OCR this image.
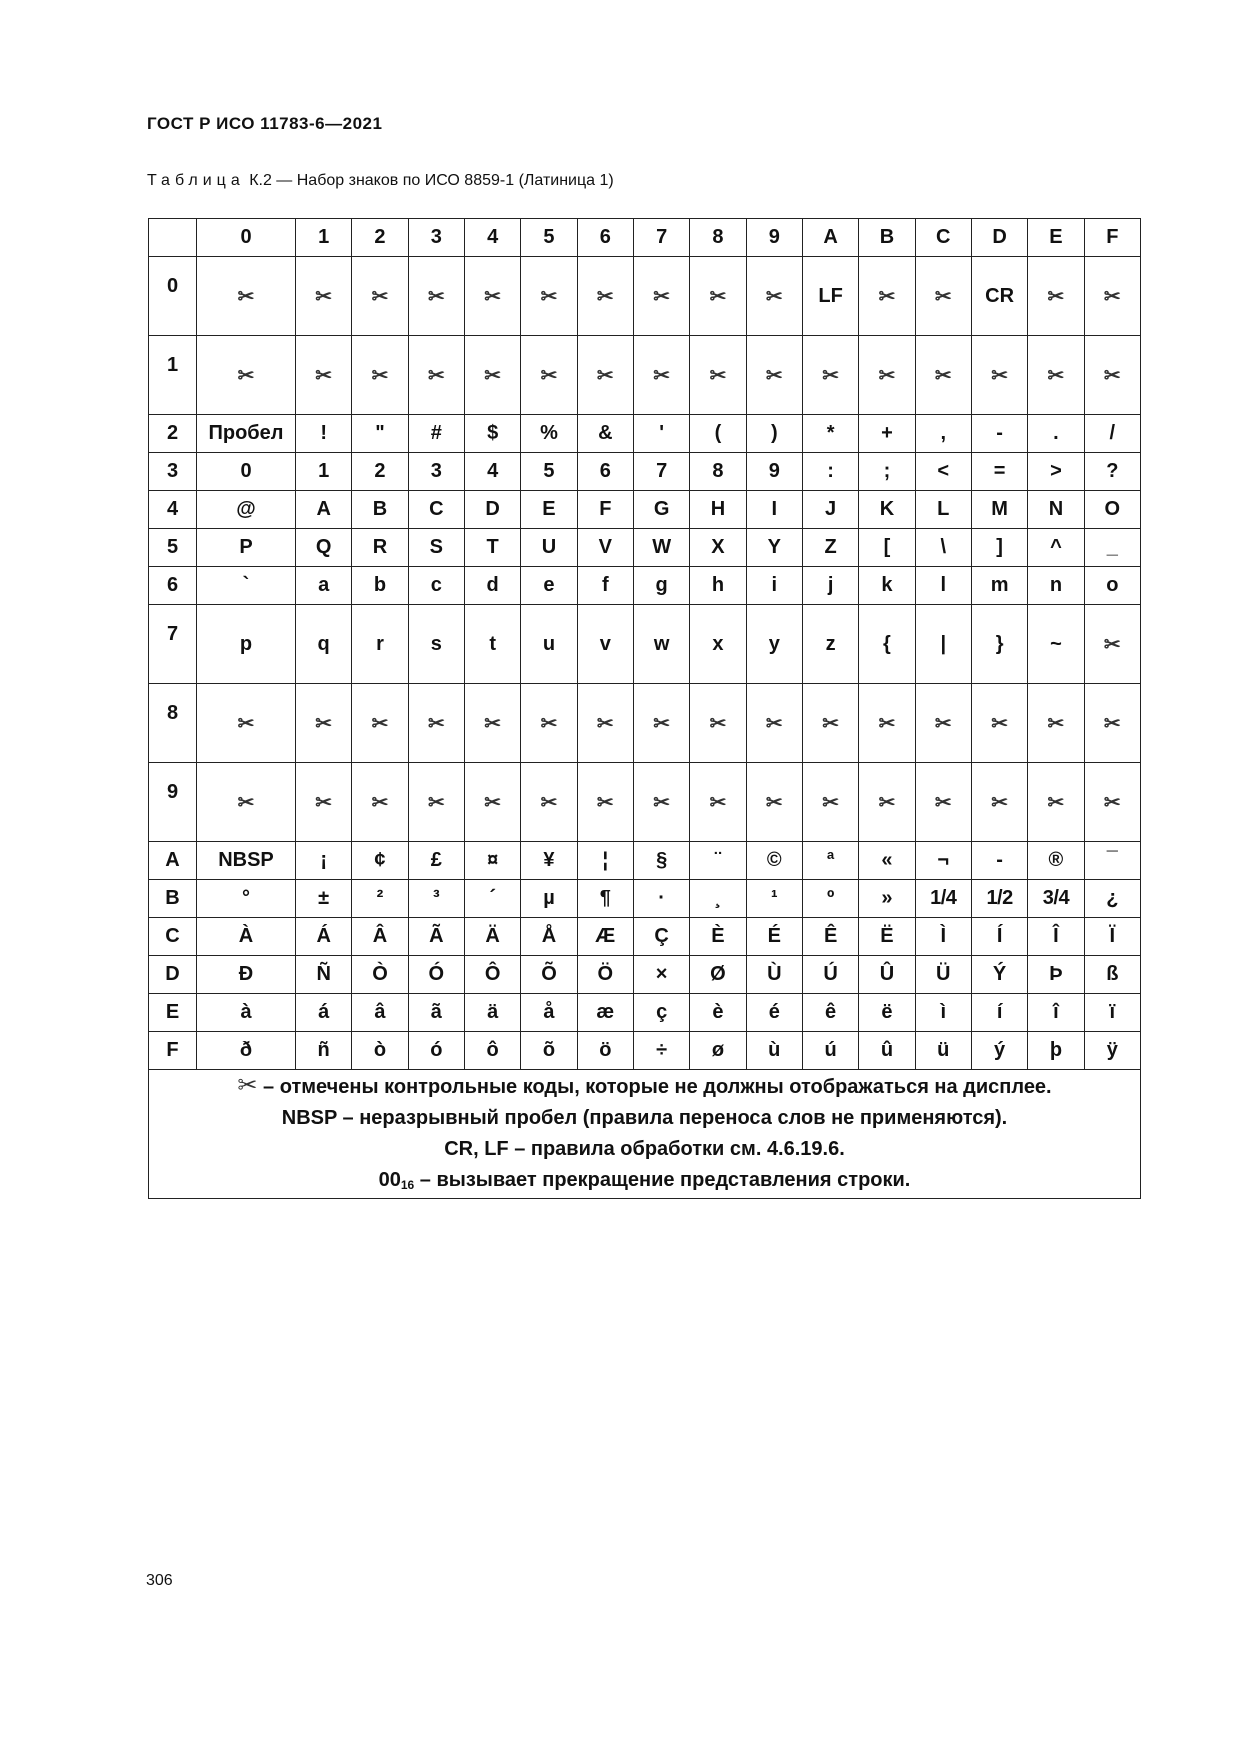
ГОСТ Р ИСО 11783-6—2021
Таблица К.2 — Набор знаков по ИСО 8859-1 (Латиница 1)
	0	1	2	3	4	5	6	7	8	9	A	B	C	D	E	F
0	✂	✂	✂	✂	✂	✂	✂	✂	✂	✂	LF	✂	✂	CR	✂	✂
1	✂	✂	✂	✂	✂	✂	✂	✂	✂	✂	✂	✂	✂	✂	✂	✂
2	Пробел	!	"	#	$	%	&	'	(	)	*	+	,	-	.	/
3	0	1	2	3	4	5	6	7	8	9	:	;	<	=	>	?
4	@	A	B	C	D	E	F	G	H	I	J	K	L	M	N	O
5	P	Q	R	S	T	U	V	W	X	Y	Z	[	\	]	^	_
6	`	a	b	c	d	e	f	g	h	i	j	k	l	m	n	o
7	p	q	r	s	t	u	v	w	x	y	z	{	|	}	~	✂
8	✂	✂	✂	✂	✂	✂	✂	✂	✂	✂	✂	✂	✂	✂	✂	✂
9	✂	✂	✂	✂	✂	✂	✂	✂	✂	✂	✂	✂	✂	✂	✂	✂
A	NBSP	¡	¢	£	¤	¥	¦	§	¨	©	ª	«	¬	-	®	¯
B	°	±	²	³	´	µ	¶	·	¸	¹	º	»	1/4	1/2	3/4	¿
C	À	Á	Â	Ã	Ä	Å	Æ	Ç	È	É	Ê	Ë	Ì	Í	Î	Ï
D	Ð	Ñ	Ò	Ó	Ô	Õ	Ö	×	Ø	Ù	Ú	Û	Ü	Ý	Þ	ß
E	à	á	â	ã	ä	å	æ	ç	è	é	ê	ë	ì	í	î	ï
F	ð	ñ	ò	ó	ô	õ	ö	÷	ø	ù	ú	û	ü	ý	þ	ÿ

✂ – отмечены контрольные коды, которые не должны отображаться на дисплее.
NBSP – неразрывный пробел (правила переноса слов не применяются).
CR, LF – правила обработки см. 4.6.19.6.
$00_{16}$ – вызывает прекращение представления строки.																
306
